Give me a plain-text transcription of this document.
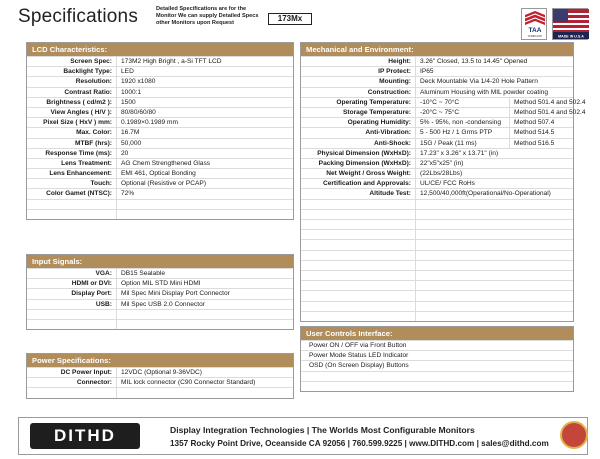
Specifications	Detailed Specifications are for the Monitor We can supply Detailed Specs other Monitors upon Request	173Mx
TAA
COMPLIANT	MADE IN U.S.A
LCD Characteristics:
Screen Spec:	173M2 High Bright , a-Si TFT LCD
Backlight Type:	LED
Resolution:	1920 x1080
Contrast Ratio:	1000:1
Brightness ( cd/m2 ):	1500
View Angles ( H/V ):	80/80/60/80
Pixel Size ( HxV ) mm:	0.1989×0.1989 mm
Max. Color:	16.7M
MTBF (hrs):	50,000
Response Time (ms):	20
Lens Treatment:	AG Chem Strengthened Glass
Lens Enhancement:	EMI 461, Optical Bonding
Touch:	Optional (Resistive or PCAP)
Color Gamet (NTSC):	72%
Input Signals:
VGA:	DB15 Sealable
HDMI or DVI:	Option MIL STD Mini HDMI
Display Port:	Mil Spec Mini Display Port Connector
USB:	Mil Spec USB 2.0 Connector
Power Specifications:
DC Power Input:	12VDC (Optional 9-36VDC)
Connector:	MIL lock connector (C90 Connector Standard)
Mechanical and Environment:
Height:	3.26" Closed, 13.5 to 14.45" Opened
IP Protect:	IP65
Mounting:	Deck Mountable Via 1/4-20 Hole Pattern
Construction:	Aluminum Housing with MIL powder coating
Operating Temperature:	-10°C ~ 70°C	Method 501.4 and 502.4
Storage Temperature:	-20°C ~ 75°C	Method 501.4 and 502.4
Operating Humidity:	5% - 95%, non -condensing	Method 507.4
Anti-Vibration:	5 - 500 Hz / 1 Grms PTP	Method 514.5
Anti-Shock:	15G / Peak (11 ms)	Method 516.5
Physical Dimension (WxHxD):	17.23" x 3.26" x 13.71" (in)
Packing Dimension (WxHxD):	22"x5"x25" (in)
Net Weight / Gross Weight:	(22Lbs/28Lbs)
Certification and Approvals:	UL/CE/ FCC RoHs
Altitude Test:	12,500/40,000ft(Operational/No-Operational)
User Controls Interface:
Power ON / OFF via Front Button
Power Mode Status LED Indicator
OSD (On Screen Display) Buttons
DITHD	Display Integration Technologies | The Worlds Most Configurable Monitors
1357 Rocky Point Drive, Oceanside CA 92056 | 760.599.9225 | www.DITHD.com | sales@dithd.com
